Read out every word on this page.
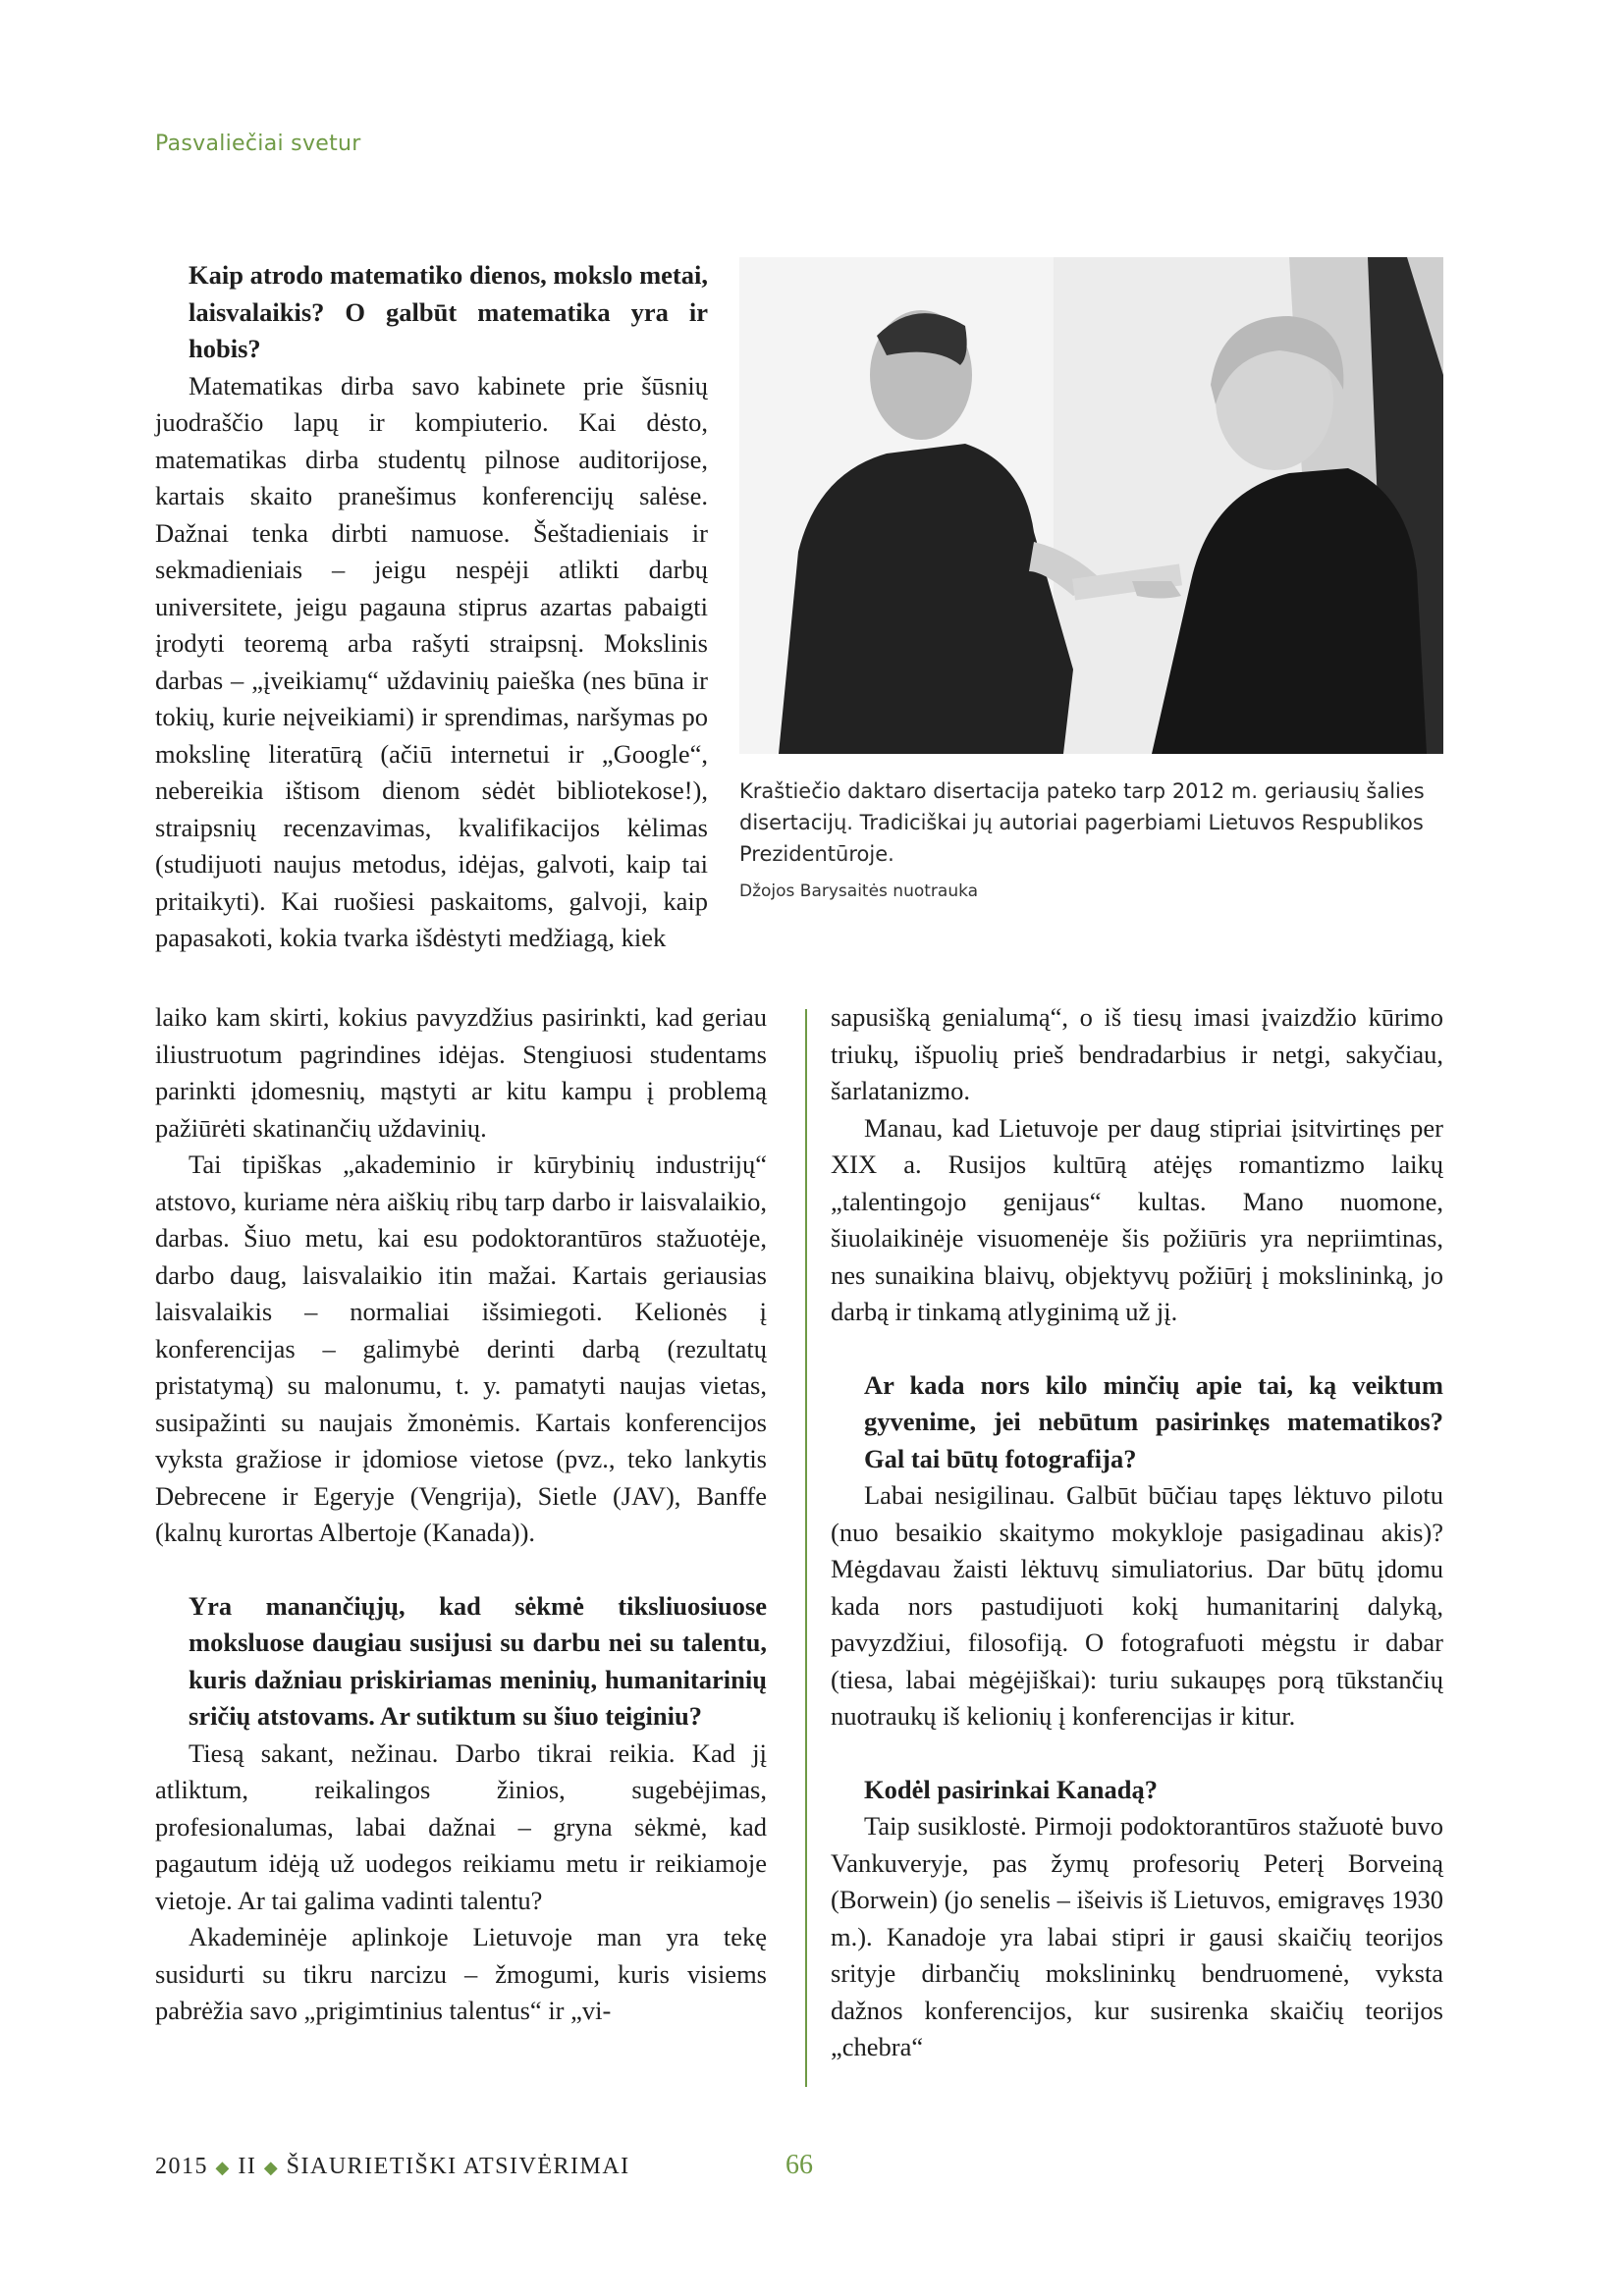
Pasvaliečiai svetur

Kaip atrodo matematiko dienos, mokslo metai, laisvalaikis? O galbūt matematika yra ir hobis?

Matematikas dirba savo kabinete prie šūsnių juodraščio lapų ir kompiuterio. Kai dėsto, matematikas dirba studentų pilnose auditorijose, kartais skaito pranešimus konferencijų salėse. Dažnai tenka dirbti namuose. Šeštadieniais ir sekmadieniais – jeigu nespėji atlikti darbų universitete, jeigu pagauna stiprus azartas pabaigti įrodyti teoremą arba rašyti straipsnį. Mokslinis darbas – „įveikiamų“ uždavinių paieška (nes būna ir tokių, kurie neįveikiami) ir sprendimas, naršymas po mokslinę literatūrą (ačiū internetui ir „Google“, nebereikia ištisom dienom sėdėt bibliotekose!), straipsnių recenzavimas, kvalifikacijos kėlimas (studijuoti naujus metodus, idėjas, galvoti, kaip tai pritaikyti). Kai ruošiesi paskaitoms, galvoji, kaip papasakoti, kokia tvarka išdėstyti medžiagą, kiek

Kraštiečio daktaro disertacija pateko tarp 2012 m. geriausių šalies disertacijų. Tradiciškai jų autoriai pagerbiami Lietuvos Respublikos Prezidentūroje.
Džojos Barysaitės nuotrauka

laiko kam skirti, kokius pavyzdžius pasirinkti, kad geriau iliustruotum pagrindines idėjas. Stengiuosi studentams parinkti įdomesnių, mąstyti ar kitu kampu į problemą pažiūrėti skatinančių uždavinių.

Tai tipiškas „akademinio ir kūrybinių industrijų“ atstovo, kuriame nėra aiškių ribų tarp darbo ir laisvalaikio, darbas. Šiuo metu, kai esu podoktorantūros stažuotėje, darbo daug, laisvalaikio itin mažai. Kartais geriausias laisvalaikis – normaliai išsimiegoti. Kelionės į konferencijas – galimybė derinti darbą (rezultatų pristatymą) su malonumu, t. y. pamatyti naujas vietas, susipažinti su naujais žmonėmis. Kartais konferencijos vyksta gražiose ir įdomiose vietose (pvz., teko lankytis Debrecene ir Egeryje (Vengrija), Sietle (JAV), Banffe (kalnų kurortas Albertoje (Kanada)).

Yra manančiųjų, kad sėkmė tiksliuosiuose moksluose daugiau susijusi su darbu nei su talentu, kuris dažniau priskiriamas meninių, humanitarinių sričių atstovams. Ar sutiktum su šiuo teiginiu?

Tiesą sakant, nežinau. Darbo tikrai reikia. Kad jį atliktum, reikalingos žinios, sugebėjimas, profesionalumas, labai dažnai – gryna sėkmė, kad pagautum idėją už uodegos reikiamu metu ir reikiamoje vietoje. Ar tai galima vadinti talentu?

Akademinėje aplinkoje Lietuvoje man yra tekę susidurti su tikru narcizu – žmogumi, kuris visiems pabrėžia savo „prigimtinius talentus“ ir „vi-

sapusišką genialumą“, o iš tiesų imasi įvaizdžio kūrimo triukų, išpuolių prieš bendradarbius ir netgi, sakyčiau, šarlatanizmo.

Manau, kad Lietuvoje per daug stipriai įsitvirtinęs per XIX a. Rusijos kultūrą atėjęs romantizmo laikų „talentingojo genijaus“ kultas. Mano nuomone, šiuolaikinėje visuomenėje šis požiūris yra nepriimtinas, nes sunaikina blaivų, objektyvų požiūrį į mokslininką, jo darbą ir tinkamą atlyginimą už jį.

Ar kada nors kilo minčių apie tai, ką veiktum gyvenime, jei nebūtum pasirinkęs matematikos? Gal tai būtų fotografija?

Labai nesigilinau. Galbūt būčiau tapęs lėktuvo pilotu (nuo besaikio skaitymo mokykloje pasigadinau akis)? Mėgdavau žaisti lėktuvų simuliatorius. Dar būtų įdomu kada nors pastudijuoti kokį humanitarinį dalyką, pavyzdžiui, filosofiją. O fotografuoti mėgstu ir dabar (tiesa, labai mėgėjiškai): turiu sukaupęs porą tūkstančių nuotraukų iš kelionių į konferencijas ir kitur.

Kodėl pasirinkai Kanadą?

Taip susiklostė. Pirmoji podoktorantūros stažuotė buvo Vankuveryje, pas žymų profesorių Peterį Borveiną (Borwein) (jo senelis – išeivis iš Lietuvos, emigravęs 1930 m.). Kanadoje yra labai stipri ir gausi skaičių teorijos srityje dirbančių mokslininkų bendruomenė, vyksta dažnos konferencijos, kur susirenka skaičių teorijos „chebra“

2015 ◆ II ◆ ŠIAURIETIŠKI ATSIVĖRIMAI	66
